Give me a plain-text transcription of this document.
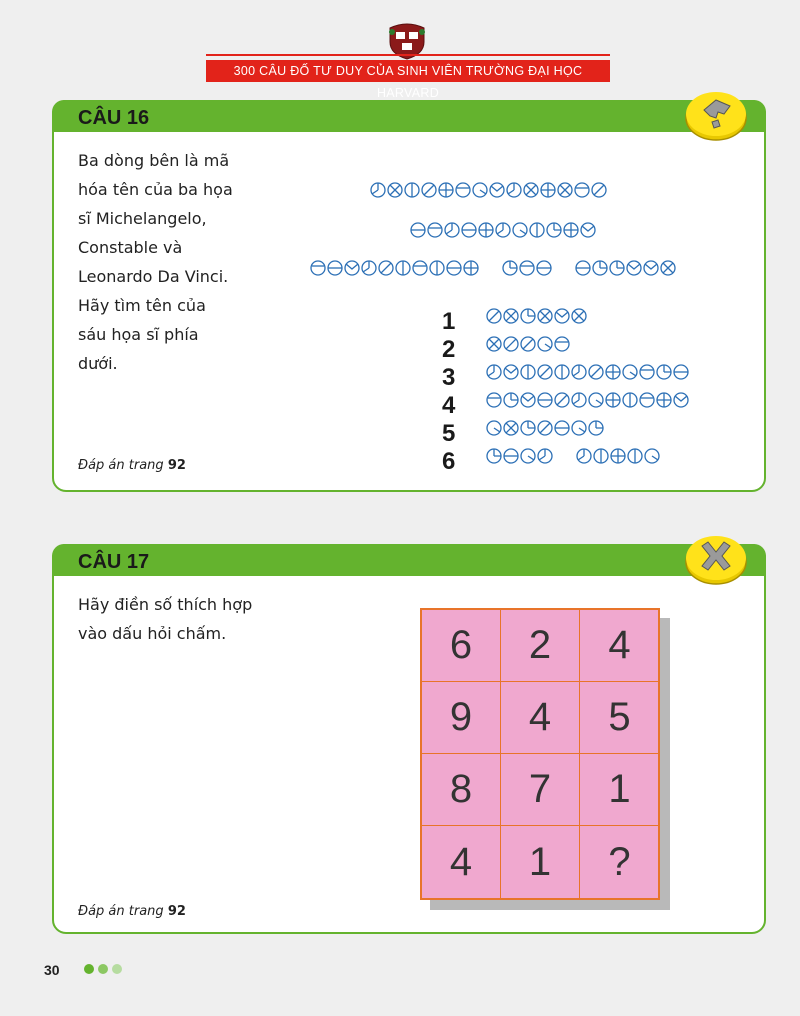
300 CÂU ĐỐ TƯ DUY CỦA SINH VIÊN TRƯỜNG ĐẠI HỌC HARVARD
CÂU 16
Ba dòng bên là mã
hóa tên của ba họa
sĩ Michelangelo,
Constable và
Leonardo Da Vinci.
Hãy tìm tên của
sáu họa sĩ phía
dưới.
Đáp án trang 92
1
2
3
4
5
6
CÂU 17
Hãy điền số thích hợp
vào dấu hỏi chấm.
Đáp án trang 92
6	2	4
9	4	5
8	7	1
4	1	?
30
